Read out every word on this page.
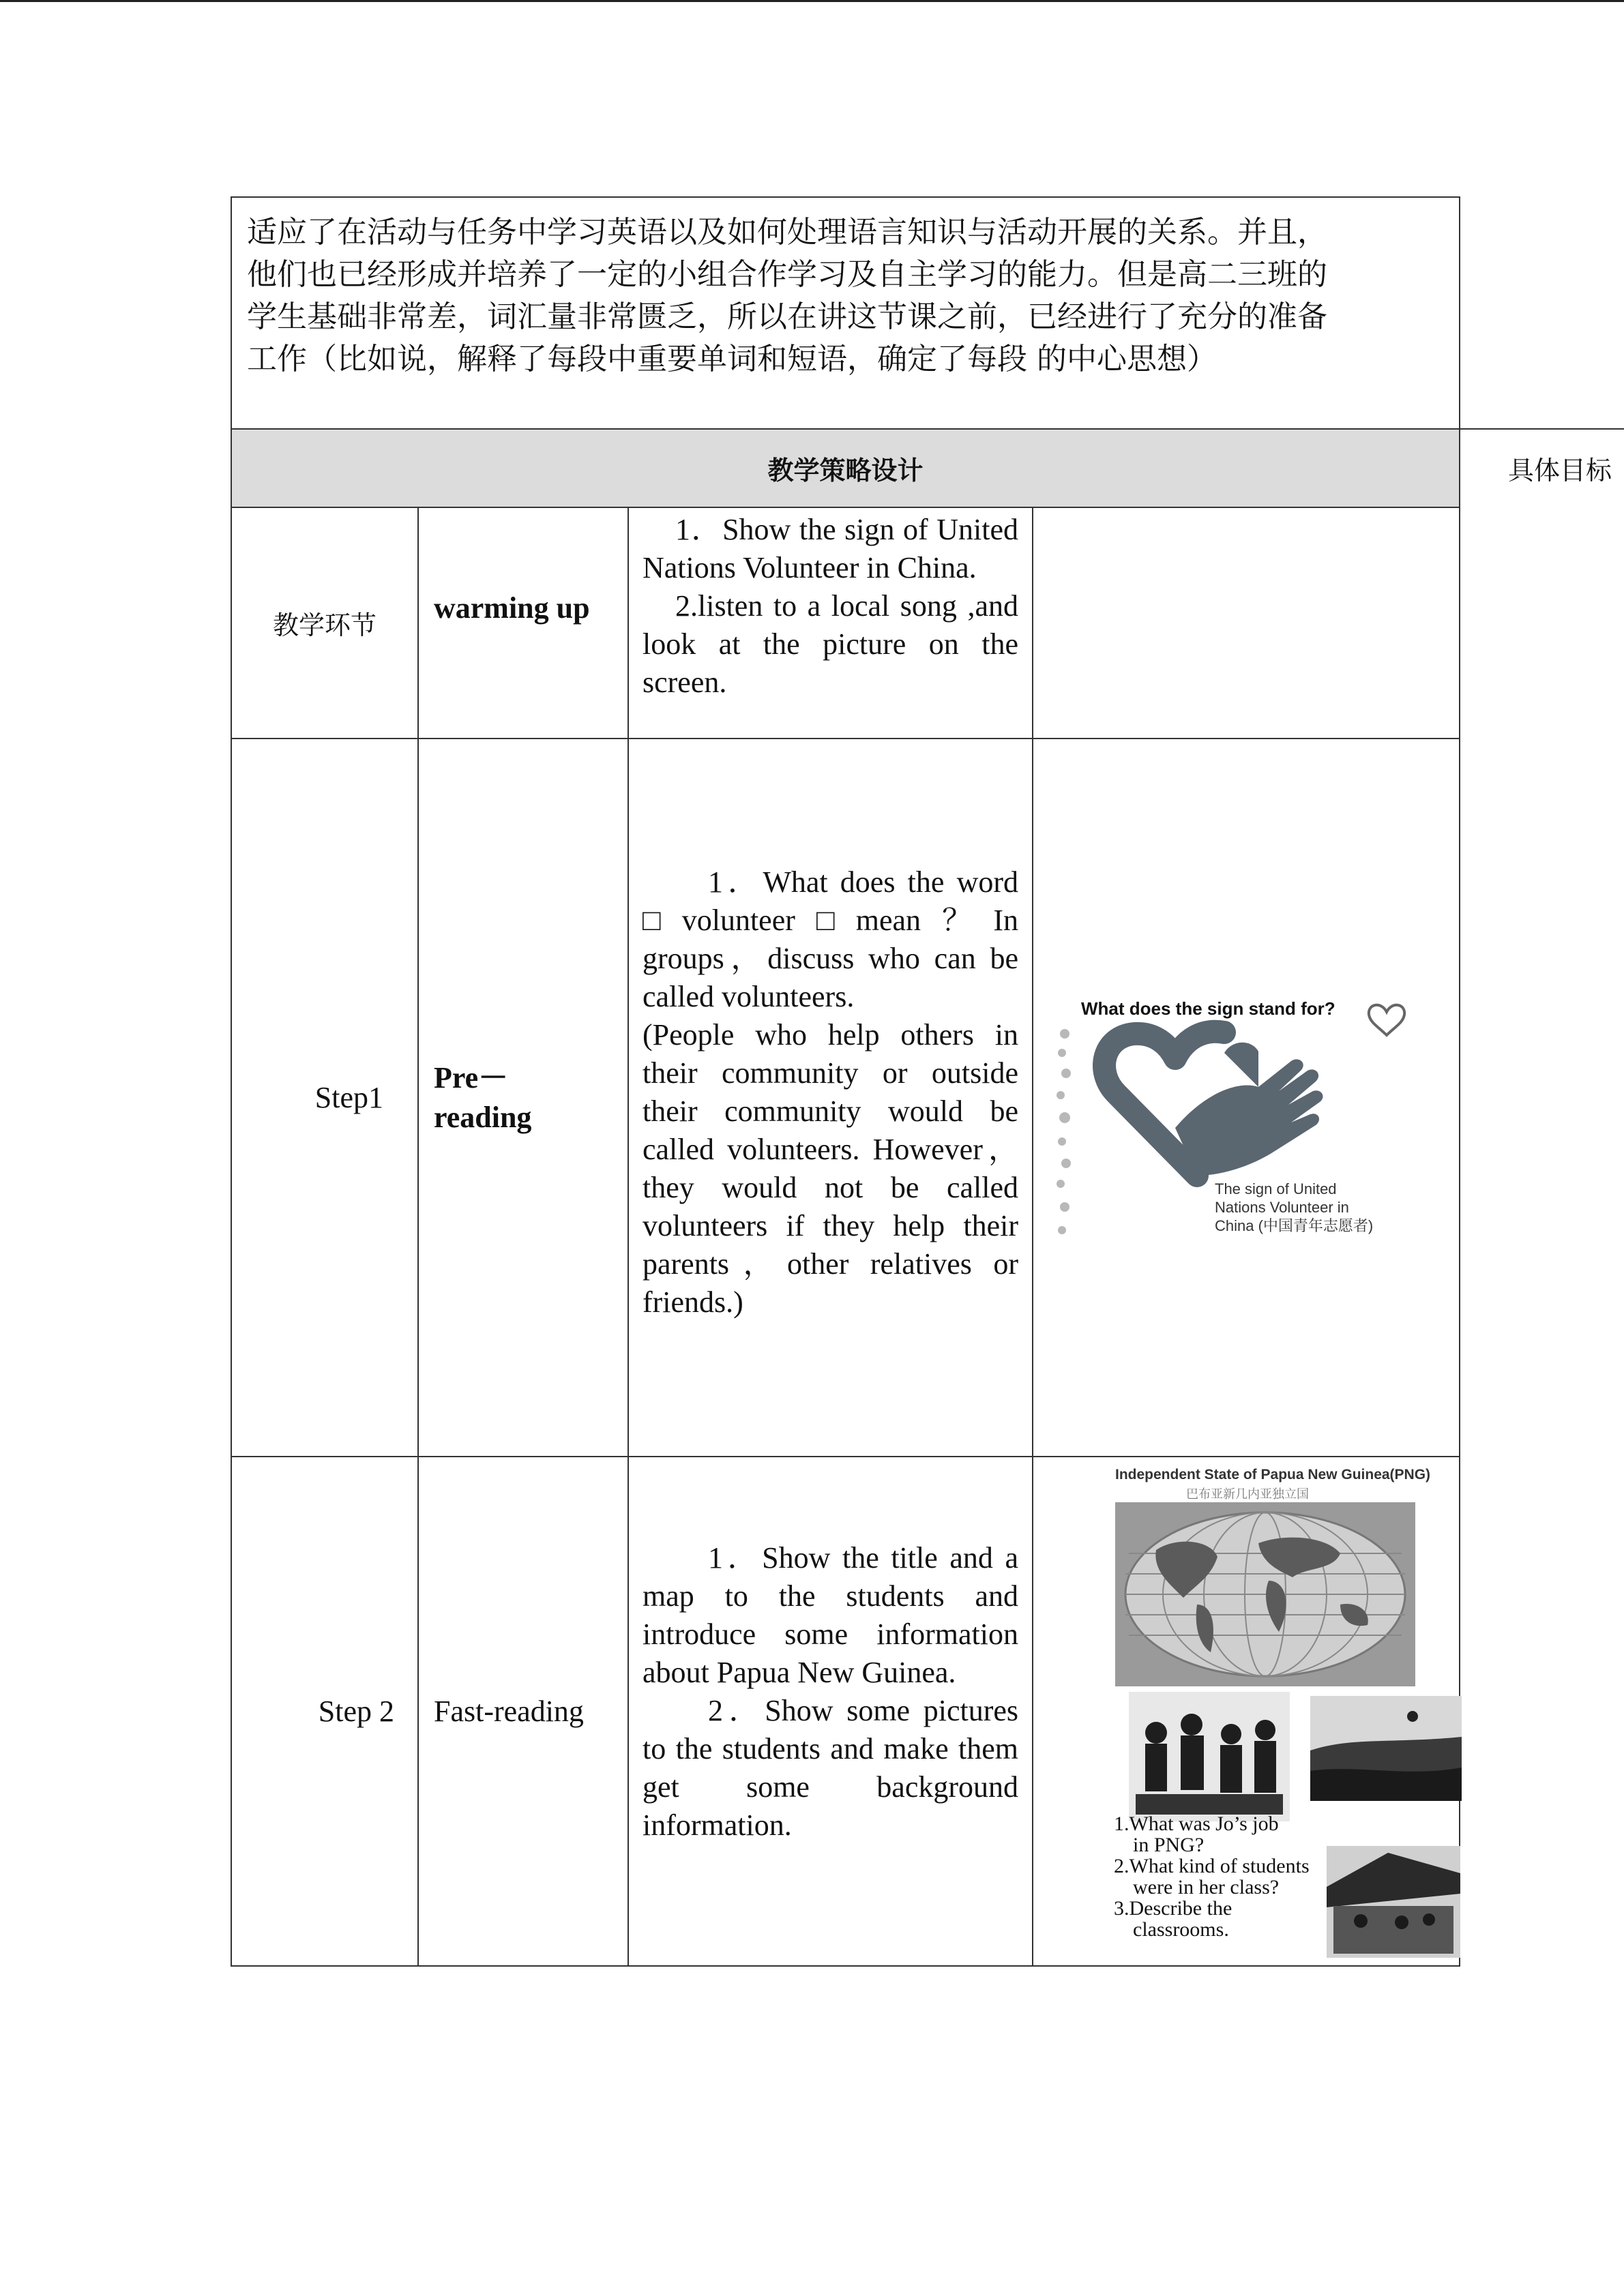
适应了在活动与任务中学习英语以及如何处理语言知识与活动开展的关系。并且，
他们也已经形成并培养了一定的小组合作学习及自主学习的能力。但是高二三班的
学生基础非常差，词汇量非常匮乏，所以在讲这节课之前，已经进行了充分的准备
工作（比如说，解释了每段中重要单词和短语，确定了每段 的中心思想）
教学策略设计	具体目标
教学环节
warming up

1．Show the sign of United Nations Volunteer in China.

2.listen to a local song ,and look at the picture on the screen.

Step1
Pre－
reading

1．What does the word □volunteer□mean？In groups，discuss who can be called volunteers.

(People who help others in their community or outside their community would be called volunteers. However，they would not be called volunteers if they help their parents，other relatives or friends.)

What does the sign stand for?
The sign of United
Nations Volunteer in
China (中国青年志愿者)
Step 2 Fast-reading

1．Show the title and a map to the students and introduce some information about Papua New Guinea.

2．Show some pictures to the students and make them get some background information.

Independent State of Papua New Guinea(PNG)
巴布亚新几内亚独立国
1.What was Jo’s job
in PNG?
2.What kind of students
were in her class?
3.Describe the
classrooms.
